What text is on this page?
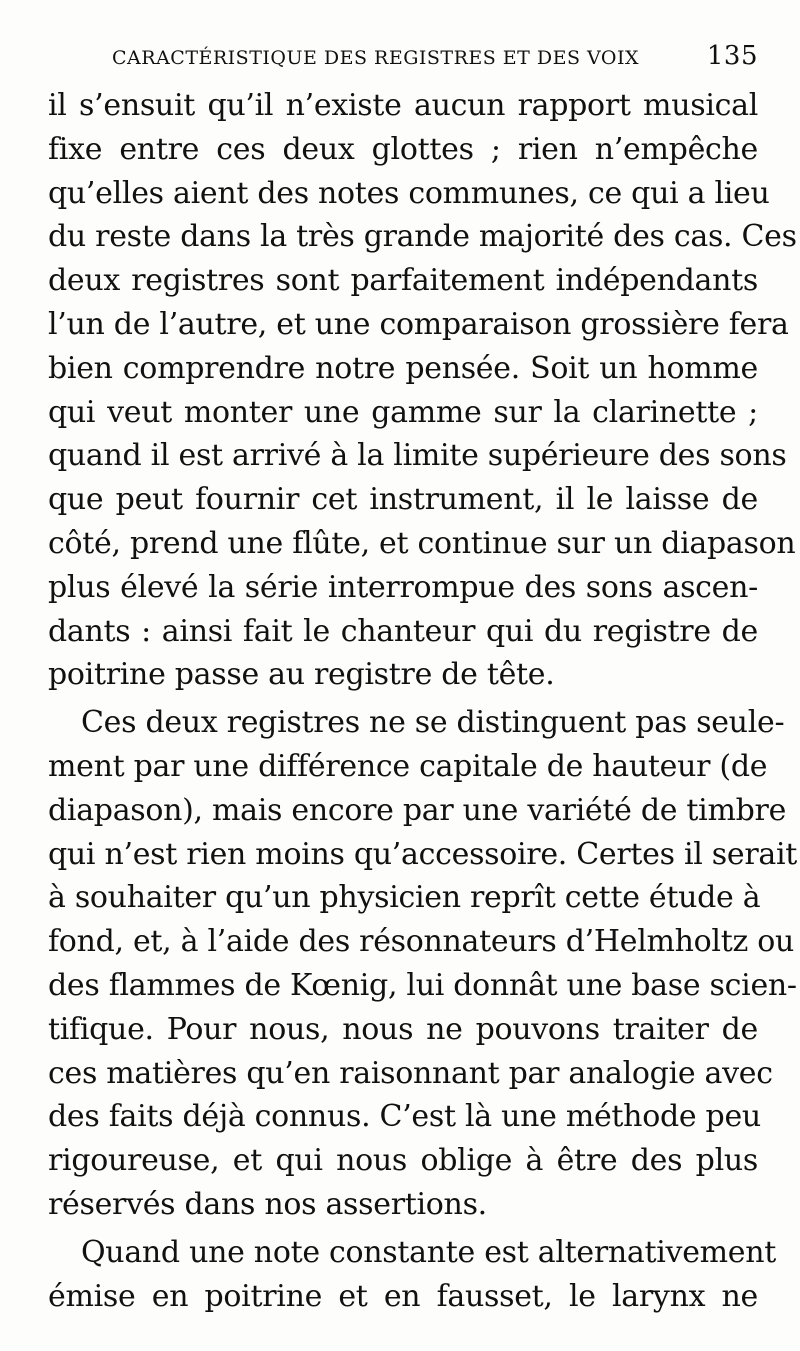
CARACTÉRISTIQUE DES REGISTRES ET DES VOIX	135
il s’ensuit qu’il n’existe aucun rapport musical
fixe entre ces deux glottes ; rien n’empêche
qu’elles aient des notes communes, ce qui a lieu
du reste dans la très grande majorité des cas. Ces
deux registres sont parfaitement indépendants
l’un de l’autre, et une comparaison grossière fera
bien comprendre notre pensée. Soit un homme
qui veut monter une gamme sur la clarinette ;
quand il est arrivé à la limite supérieure des sons
que peut fournir cet instrument, il le laisse de
côté, prend une flûte, et continue sur un diapason
plus élevé la série interrompue des sons ascen-
dants : ainsi fait le chanteur qui du registre de
poitrine passe au registre de tête.
Ces deux registres ne se distinguent pas seule-
ment par une différence capitale de hauteur (de
diapason), mais encore par une variété de timbre
qui n’est rien moins qu’accessoire. Certes il serait
à souhaiter qu’un physicien reprît cette étude à
fond, et, à l’aide des résonnateurs d’Helmholtz ou
des flammes de Kœnig, lui donnât une base scien-
tifique. Pour nous, nous ne pouvons traiter de
ces matières qu’en raisonnant par analogie avec
des faits déjà connus. C’est là une méthode peu
rigoureuse, et qui nous oblige à être des plus
réservés dans nos assertions.
Quand une note constante est alternativement
émise en poitrine et en fausset, le larynx ne
